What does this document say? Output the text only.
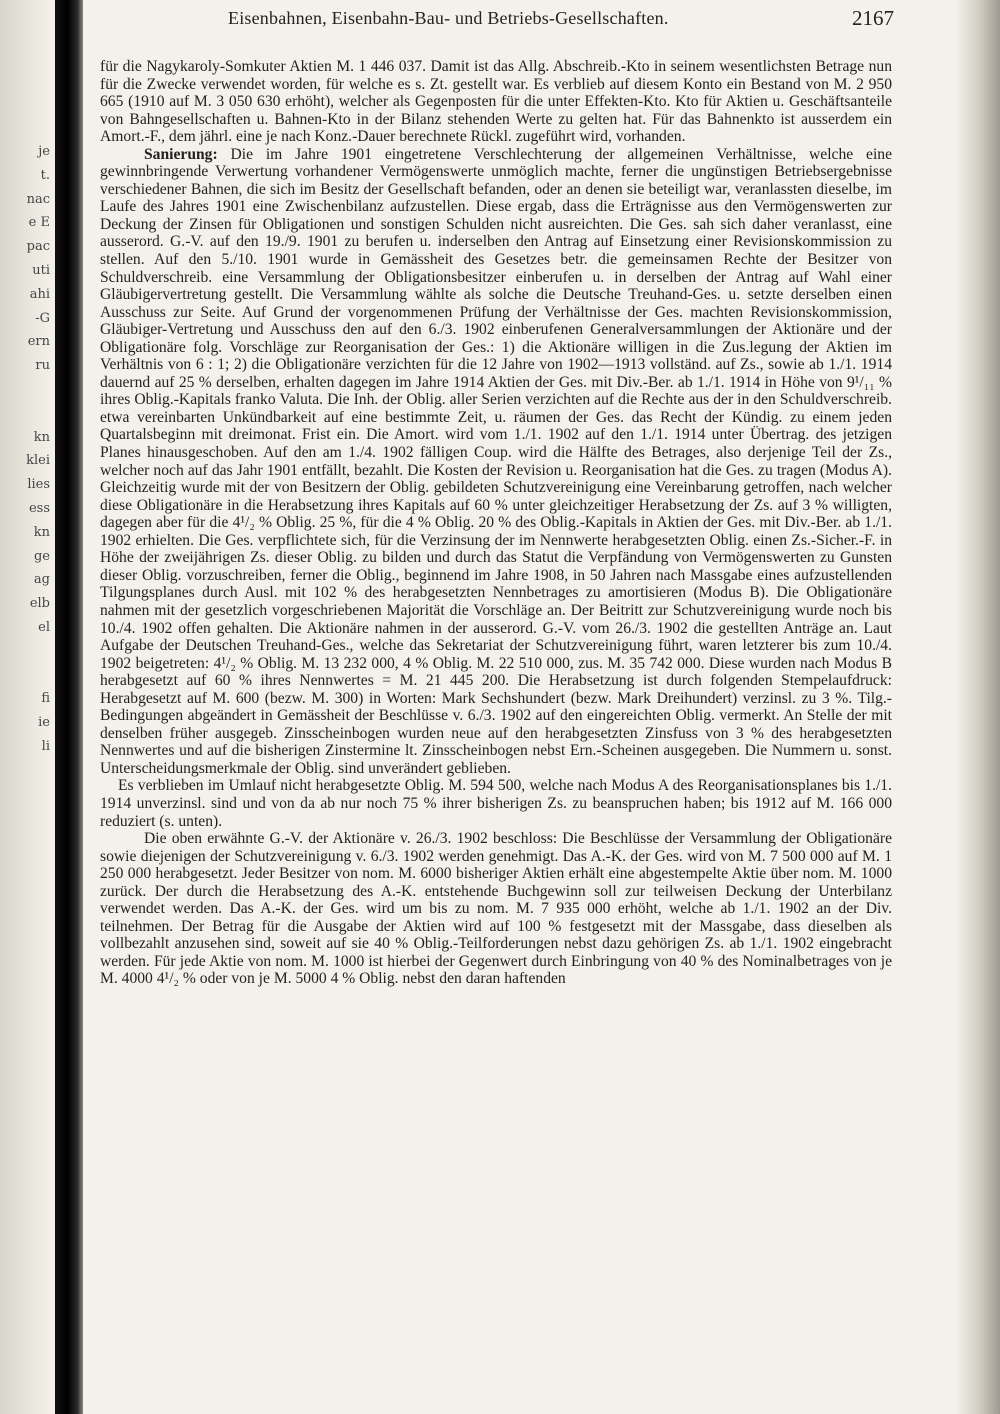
je
t.
nac
e E
pac
uti
ahi
-G
ern
ru
kn
klei
lies
ess
kn
ge
ag
elb
el
fi
ie
li
Eisenbahnen, Eisenbahn-Bau- und Betriebs-Gesellschaften.	2167

für die Nagykaroly-Somkuter Aktien M. 1 446 037. Damit ist das Allg. Abschreib.-Kto in seinem wesentlichsten Betrage nun für die Zwecke verwendet worden, für welche es s. Zt. gestellt war. Es verblieb auf diesem Konto ein Bestand von M. 2 950 665 (1910 auf M. 3 050 630 erhöht), welcher als Gegenposten für die unter Effekten-Kto. Kto für Aktien u. Geschäftsanteile von Bahngesellschaften u. Bahnen-Kto in der Bilanz stehenden Werte zu gelten hat. Für das Bahnenkto ist ausserdem ein Amort.-F., dem jährl. eine je nach Konz.-Dauer berechnete Rückl. zugeführt wird, vorhanden.

Sanierung: Die im Jahre 1901 eingetretene Verschlechterung der allgemeinen Verhältnisse, welche eine gewinnbringende Verwertung vorhandener Vermögenswerte unmöglich machte, ferner die ungünstigen Betriebsergebnisse verschiedener Bahnen, die sich im Besitz der Gesellschaft befanden, oder an denen sie beteiligt war, veranlassten dieselbe, im Laufe des Jahres 1901 eine Zwischenbilanz aufzustellen. Diese ergab, dass die Erträgnisse aus den Vermögenswerten zur Deckung der Zinsen für Obligationen und sonstigen Schulden nicht ausreichten. Die Ges. sah sich daher veranlasst, eine ausserord. G.-V. auf den 19./9. 1901 zu berufen u. inderselben den Antrag auf Einsetzung einer Revisionskommission zu stellen. Auf den 5./10. 1901 wurde in Gemässheit des Gesetzes betr. die gemeinsamen Rechte der Besitzer von Schuldverschreib. eine Versammlung der Obligationsbesitzer einberufen u. in derselben der Antrag auf Wahl einer Gläubigervertretung gestellt. Die Versammlung wählte als solche die Deutsche Treuhand-Ges. u. setzte derselben einen Ausschuss zur Seite. Auf Grund der vorgenommenen Prüfung der Verhältnisse der Ges. machten Revisionskommission, Gläubiger-Vertretung und Ausschuss den auf den 6./3. 1902 einberufenen Generalversammlungen der Aktionäre und der Obligationäre folg. Vorschläge zur Reorganisation der Ges.: 1) die Aktionäre willigen in die Zus.legung der Aktien im Verhältnis von 6 : 1; 2) die Obligationäre verzichten für die 12 Jahre von 1902—1913 vollständ. auf Zs., sowie ab 1./1. 1914 dauernd auf 25 % derselben, erhalten dagegen im Jahre 1914 Aktien der Ges. mit Div.-Ber. ab 1./1. 1914 in Höhe von 9¹/₁₁ % ihres Oblig.-Kapitals franko Valuta. Die Inh. der Oblig. aller Serien verzichten auf die Rechte aus der in den Schuldverschreib. etwa vereinbarten Unkündbarkeit auf eine bestimmte Zeit, u. räumen der Ges. das Recht der Kündig. zu einem jeden Quartalsbeginn mit dreimonat. Frist ein. Die Amort. wird vom 1./1. 1902 auf den 1./1. 1914 unter Übertrag. des jetzigen Planes hinausgeschoben. Auf den am 1./4. 1902 fälligen Coup. wird die Hälfte des Betrages, also derjenige Teil der Zs., welcher noch auf das Jahr 1901 entfällt, bezahlt. Die Kosten der Revision u. Reorganisation hat die Ges. zu tragen (Modus A). Gleichzeitig wurde mit der von Besitzern der Oblig. gebildeten Schutzvereinigung eine Vereinbarung getroffen, nach welcher diese Obligationäre in die Herabsetzung ihres Kapitals auf 60 % unter gleichzeitiger Herabsetzung der Zs. auf 3 % willigten, dagegen aber für die 4¹/₂ % Oblig. 25 %, für die 4 % Oblig. 20 % des Oblig.-Kapitals in Aktien der Ges. mit Div.-Ber. ab 1./1. 1902 erhielten. Die Ges. verpflichtete sich, für die Verzinsung der im Nennwerte herabgesetzten Oblig. einen Zs.-Sicher.-F. in Höhe der zweijährigen Zs. dieser Oblig. zu bilden und durch das Statut die Verpfändung von Vermögenswerten zu Gunsten dieser Oblig. vorzuschreiben, ferner die Oblig., beginnend im Jahre 1908, in 50 Jahren nach Massgabe eines aufzustellenden Tilgungsplanes durch Ausl. mit 102 % des herabgesetzten Nennbetrages zu amortisieren (Modus B). Die Obligationäre nahmen mit der gesetzlich vorgeschriebenen Majorität die Vorschläge an. Der Beitritt zur Schutzvereinigung wurde noch bis 10./4. 1902 offen gehalten. Die Aktionäre nahmen in der ausserord. G.-V. vom 26./3. 1902 die gestellten Anträge an. Laut Aufgabe der Deutschen Treuhand-Ges., welche das Sekretariat der Schutzvereinigung führt, waren letzterer bis zum 10./4. 1902 beigetreten: 4¹/₂ % Oblig. M. 13 232 000, 4 % Oblig. M. 22 510 000, zus. M. 35 742 000. Diese wurden nach Modus B herabgesetzt auf 60 % ihres Nennwertes = M. 21 445 200. Die Herabsetzung ist durch folgenden Stempelaufdruck: Herabgesetzt auf M. 600 (bezw. M. 300) in Worten: Mark Sechshundert (bezw. Mark Dreihundert) verzinsl. zu 3 %. Tilg.-Bedingungen abgeändert in Gemässheit der Beschlüsse v. 6./3. 1902 auf den eingereichten Oblig. vermerkt. An Stelle der mit denselben früher ausgegeb. Zinsscheinbogen wurden neue auf den herabgesetzten Zinsfuss von 3 % des herabgesetzten Nennwertes und auf die bisherigen Zinstermine lt. Zinsscheinbogen nebst Ern.-Scheinen ausgegeben. Die Nummern u. sonst. Unterscheidungsmerkmale der Oblig. sind unverändert geblieben.

Es verblieben im Umlauf nicht herabgesetzte Oblig. M. 594 500, welche nach Modus A des Reorganisationsplanes bis 1./1. 1914 unverzinsl. sind und von da ab nur noch 75 % ihrer bisherigen Zs. zu beanspruchen haben; bis 1912 auf M. 166 000 reduziert (s. unten).

Die oben erwähnte G.-V. der Aktionäre v. 26./3. 1902 beschloss: Die Beschlüsse der Versammlung der Obligationäre sowie diejenigen der Schutzvereinigung v. 6./3. 1902 werden genehmigt. Das A.-K. der Ges. wird von M. 7 500 000 auf M. 1 250 000 herabgesetzt. Jeder Besitzer von nom. M. 6000 bisheriger Aktien erhält eine abgestempelte Aktie über nom. M. 1000 zurück. Der durch die Herabsetzung des A.-K. entstehende Buchgewinn soll zur teilweisen Deckung der Unterbilanz verwendet werden. Das A.-K. der Ges. wird um bis zu nom. M. 7 935 000 erhöht, welche ab 1./1. 1902 an der Div. teilnehmen. Der Betrag für die Ausgabe der Aktien wird auf 100 % festgesetzt mit der Massgabe, dass dieselben als vollbezahlt anzusehen sind, soweit auf sie 40 % Oblig.-Teilforderungen nebst dazu gehörigen Zs. ab 1./1. 1902 eingebracht werden. Für jede Aktie von nom. M. 1000 ist hierbei der Gegenwert durch Einbringung von 40 % des Nominalbetrages von je M. 4000 4¹/₂ % oder von je M. 5000 4 % Oblig. nebst den daran haftenden
